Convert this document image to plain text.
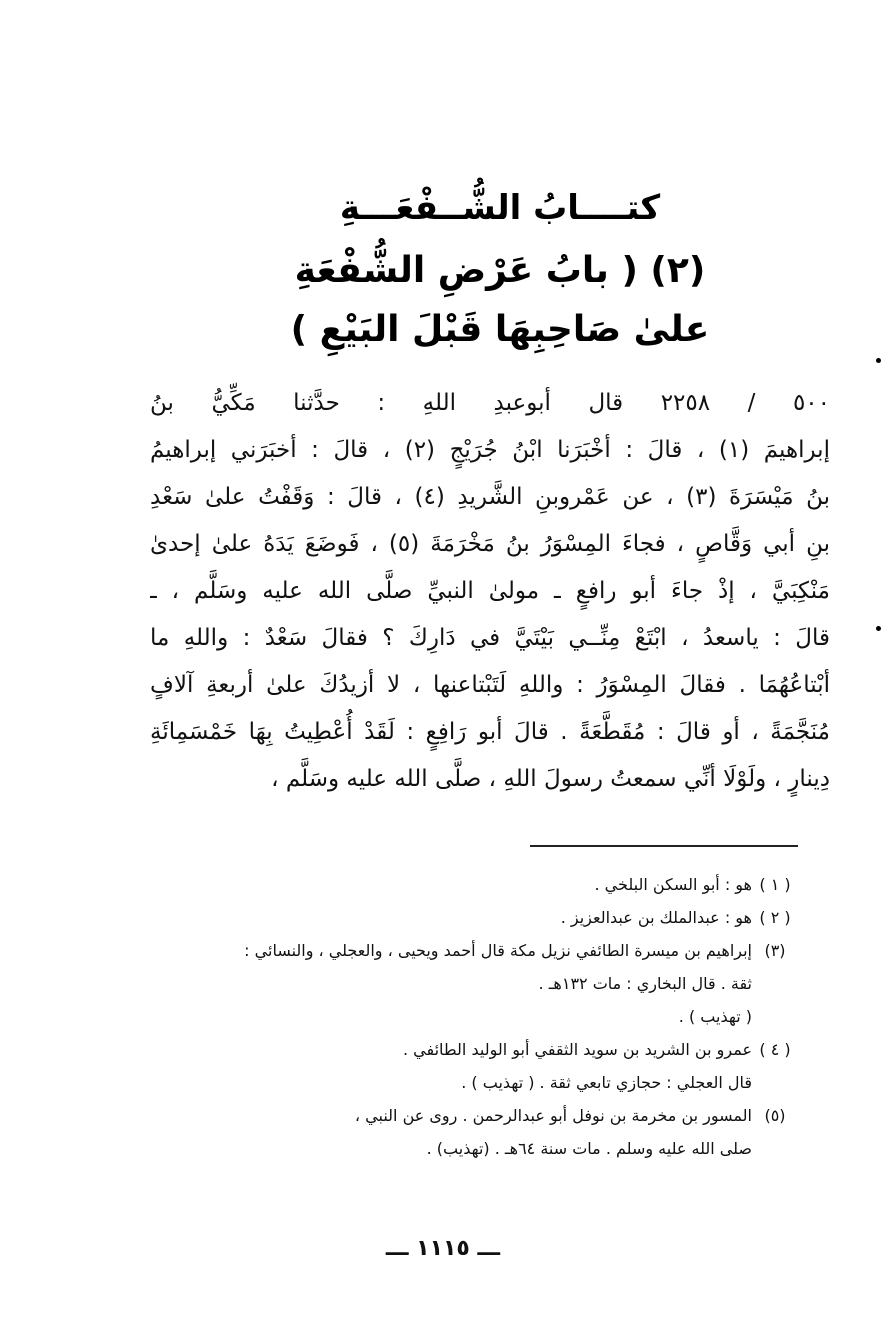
كتــــابُ الشُّــفْعَـــةِ
(٢) ( بابُ عَرْضِ الشُّفْعَةِ
علىٰ صَاحِبِهَا قَبْلَ البَيْعِ )
٥٠٠ / ٢٢٥٨ قال أبوعبدِ اللهِ : حدَّثنا مَكِّيُّ بنُ
إبراهيمَ (١) ، قالَ : أخْبَرَنا ابْنُ جُرَيْجٍ (٢) ، قالَ : أخبَرَني إبراهيمُ
بنُ مَيْسَرَةَ (٣) ، عن عَمْروبنِ الشَّريدِ (٤) ، قالَ : وَقَفْتُ علىٰ سَعْدِ
بنِ أبي وَقَّاصٍ ، فجاءَ المِسْوَرُ بنُ مَخْرَمَةَ (٥) ، فَوضَعَ يَدَهُ علىٰ إحدىٰ
مَنْكِبَيَّ ، إذْ جاءَ أبو رافعٍ ـ مولىٰ النبيِّ صلَّى الله عليه وسَلَّم ، ـ
قالَ : ياسعدُ ، ابْتَعْ مِنِّــي بَيْتَيَّ في دَارِكَ ؟ فقالَ سَعْدٌ : واللهِ ما
أبْتاعُهُمَا . فقالَ المِسْوَرُ : واللهِ لَتَبْتاعنها ، لا أزيدُكَ علىٰ أربعةِ آلافٍ
مُنَجَّمَةً ، أو قالَ : مُقَطَّعَةً . قالَ أبو رَافِعٍ : لَقَدْ أُعْطِيتُ بِهَا خَمْسَمِائَةِ
دِينارٍ ، ولَوْلَا أنِّي سمعتُ رسولَ اللهِ ، صلَّى الله عليه وسَلَّم ،
( ١ )
هو : أبو السكن البلخي .
( ٢ )
هو : عبدالملك بن عبدالعزيز .
(٣)
إبراهيم بن ميسرة الطائفي نزيل مكة قال أحمد ويحيى ، والعجلي ، والنسائي :
ثقة . قال البخاري : مات ١٣٢هـ .
( تهذيب ) .
( ٤ )
عمرو بن الشريد بن سويد الثقفي أبو الوليد الطائفي .
قال العجلي : حجازي تابعي ثقة . ( تهذيب ) .
(٥)
المسور بن مخرمة بن نوفل أبو عبدالرحمن . روى عن النبي ،
صلى الله عليه وسلم . مات سنة ٦٤هـ . (تهذيب) .
ـــ ١١١٥ ـــ
